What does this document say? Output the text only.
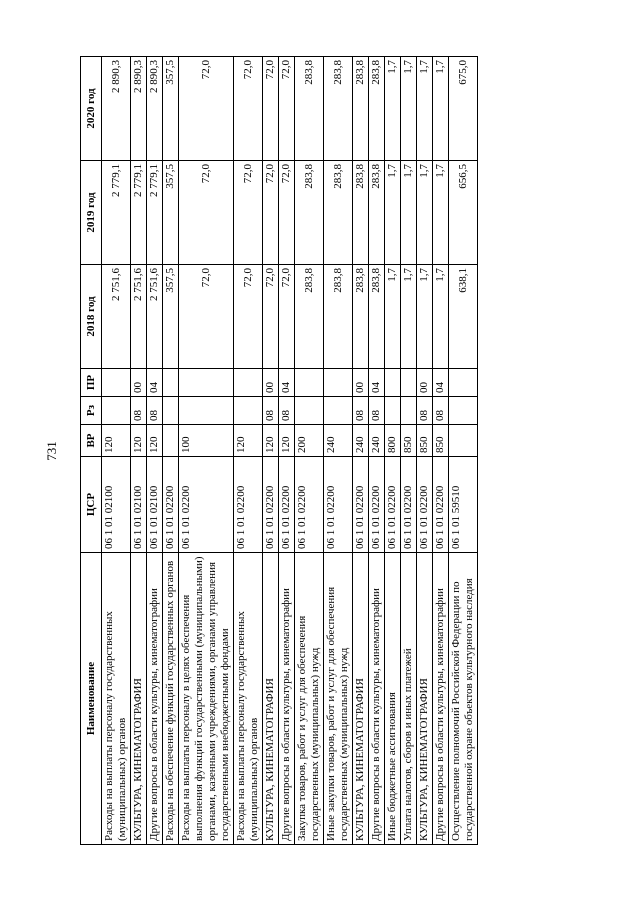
731
Наименование	ЦСР	ВР	Рз	ПР	2018 год	2019 год	2020 год
Расходы на выплаты персоналу государственных (муниципальных) органов	06 1 01 02100	120			2 751,6	2 779,1	2 890,3
КУЛЬТУРА, КИНЕМАТОГРАФИЯ	06 1 01 02100	120	08	00	2 751,6	2 779,1	2 890,3
Другие вопросы в области культуры, кинематографии	06 1 01 02100	120	08	04	2 751,6	2 779,1	2 890,3
Расходы на обеспечение функций государственных органов	06 1 01 02200				357,5	357,5	357,5
Расходы на выплаты персоналу в целях обеспечения выполнения функций государственными (муниципальными) органами, казенными учреждениями, органами управления государственными внебюджетными фондами	06 1 01 02200	100			72,0	72,0	72,0
Расходы на выплаты персоналу государственных (муниципальных) органов	06 1 01 02200	120			72,0	72,0	72,0
КУЛЬТУРА, КИНЕМАТОГРАФИЯ	06 1 01 02200	120	08	00	72,0	72,0	72,0
Другие вопросы в области культуры, кинематографии	06 1 01 02200	120	08	04	72,0	72,0	72,0
Закупка товаров, работ и услуг для обеспечения государственных (муниципальных) нужд	06 1 01 02200	200			283,8	283,8	283,8
Иные закупки товаров, работ и услуг для обеспечения государственных (муниципальных) нужд	06 1 01 02200	240			283,8	283,8	283,8
КУЛЬТУРА, КИНЕМАТОГРАФИЯ	06 1 01 02200	240	08	00	283,8	283,8	283,8
Другие вопросы в области культуры, кинематографии	06 1 01 02200	240	08	04	283,8	283,8	283,8
Иные бюджетные ассигнования	06 1 01 02200	800			1,7	1,7	1,7
Уплата налогов, сборов и иных платежей	06 1 01 02200	850			1,7	1,7	1,7
КУЛЬТУРА, КИНЕМАТОГРАФИЯ	06 1 01 02200	850	08	00	1,7	1,7	1,7
Другие вопросы в области культуры, кинематографии	06 1 01 02200	850	08	04	1,7	1,7	1,7
Осуществление полномочий Российской Федерации по государственной охране объектов культурного наследия	06 1 01 59510				638,1	656,5	675,0
